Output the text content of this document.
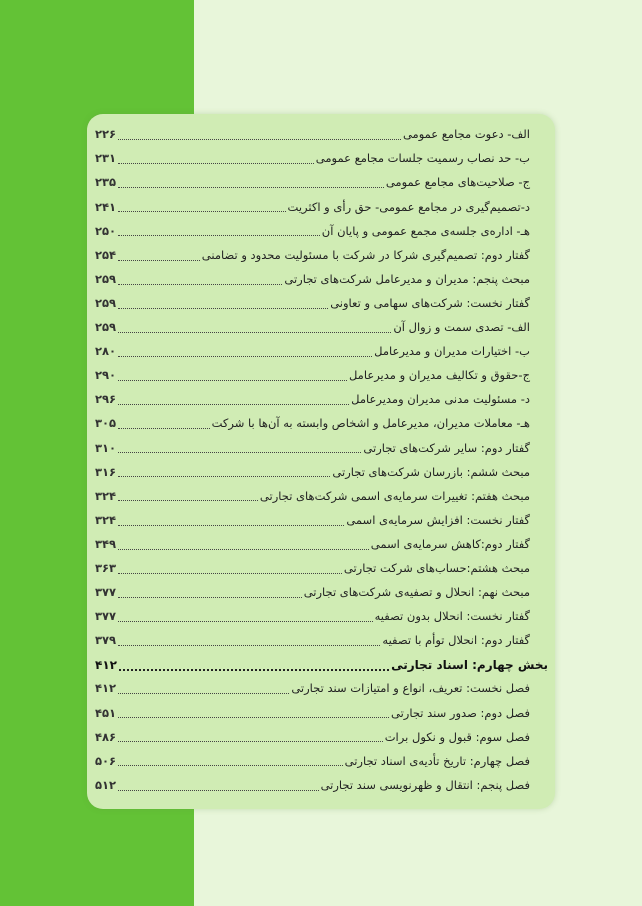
الف- دعوت مجامع عمومی
۲۲۶
ب- حد نصاب رسمیت جلسات مجامع عمومی
۲۳۱
ج- صلاحیت‌های مجامع عمومی
۲۳۵
د-تصمیم‌گیری در مجامع عمومی- حق رأی و اکثریت
۲۴۱
هـ- اداره‌ی جلسه‌ی مجمع عمومی و پایان آن
۲۵۰
گفتار دوم: تصمیم‌گیری شرکا در شرکت با مسئولیت محدود و تضامنی
۲۵۴
مبحث پنجم: مدیران و مدیرعامل شرکت‌های تجارتی
۲۵۹
گفتار نخست: شرکت‌های سهامی و تعاونی
۲۵۹
الف- تصدی سمت و زوال آن
۲۵۹
ب- اختیارات مدیران و مدیرعامل
۲۸۰
ج-حقوق و تکالیف مدیران و مدیرعامل
۲۹۰
د- مسئولیت مدنی مدیران ومدیرعامل
۲۹۶
هـ- معاملات مدیران، مدیرعامل و اشخاص وابسته به آن‌ها با شرکت
۳۰۵
گفتار دوم: سایر شرکت‌های تجارتی
۳۱۰
مبحث ششم: بازرسان شرکت‌های تجارتی
۳۱۶
مبحث هفتم: تغییرات سرمایه‌ی اسمی شرکت‌های تجارتی
۳۲۴
گفتار نخست: افزایش سرمایه‌ی اسمی
۳۲۴
گفتار دوم:کاهش سرمایه‌ی اسمی
۳۴۹
مبحث هشتم:حساب‌های شرکت تجارتی
۳۶۳
مبحث نهم: انحلال و تصفیه‌ی شرکت‌های تجارتی
۳۷۷
گفتار نخست: انحلال بدون تصفیه
۳۷۷
گفتار دوم: انحلال توأم با تصفیه
۳۷۹
بخش چهارم: اسناد تجارتی
۴۱۲
فصل نخست: تعریف، انواع و امتیازات سند تجارتی
۴۱۲
فصل دوم: صدور سند تجارتی
۴۵۱
فصل سوم: قبول و نکول برات
۴۸۶
فصل چهارم: تاریخ تأدیه‌ی اسناد تجارتی
۵۰۶
فصل پنجم: انتقال و ظهرنویسی سند تجارتی
۵۱۲
